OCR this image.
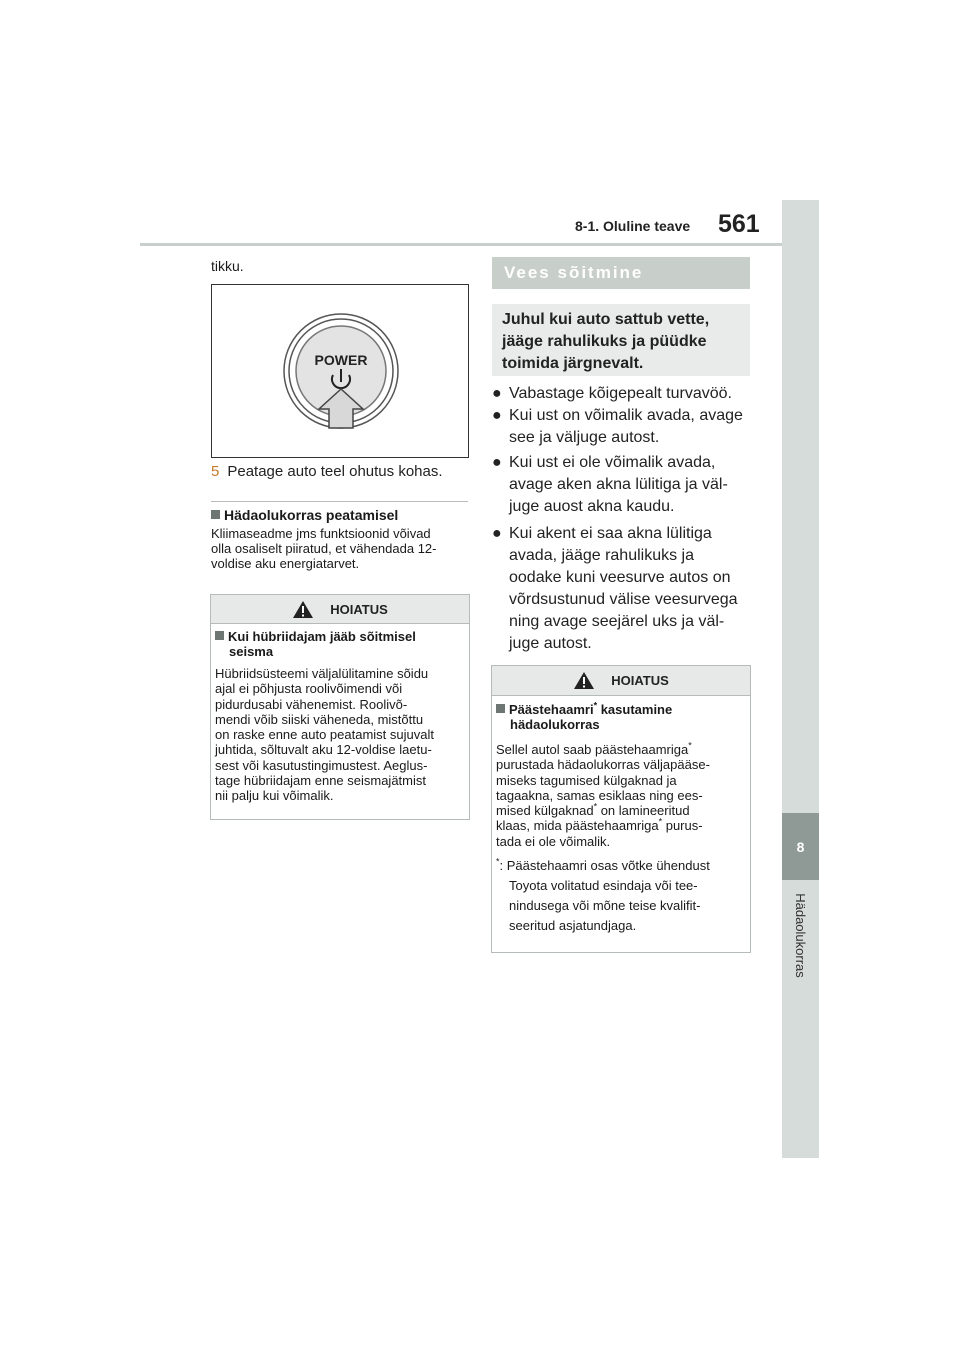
8-1. Oluline teave 561
8
Hädaolukorras
tikku.
POWER
5 Peatage auto teel ohutus kohas.
Hädaolukorras peatamisel
Kliimaseadme jms funktsioonid võivad
olla osaliselt piiratud, et vähendada 12-
voldise aku energiatarvet.
HOIATUS
Kui hübriidajam jääb sõitmisel
seisma
Hübriidsüsteemi väljalülitamine sõidu
ajal ei põhjusta roolivõimendi või
pidurdusabi vähenemist. Roolivõ-
mendi võib siiski väheneda, mistõttu
on raske enne auto peatamist sujuvalt
juhtida, sõltuvalt aku 12-voldise laetu-
sest või kasutustingimustest. Aeglus-
tage hübriidajam enne seismajätmist
nii palju kui võimalik.
Vees sõitmine
Juhul kui auto sattub vette,
jääge rahulikuks ja püüdke
toimida järgnevalt.
● Vabastage kõigepealt turvavöö.
● Kui ust on võimalik avada, avage
see ja väljuge autost.
● Kui ust ei ole võimalik avada,
avage aken akna lülitiga ja väl-
juge auost akna kaudu.
● Kui akent ei saa akna lülitiga
avada, jääge rahulikuks ja
oodake kuni veesurve autos on
võrdsustunud välise veesurvega
ning avage seejärel uks ja väl-
juge autost.
HOIATUS
Päästehaamri* kasutamine
hädaolukorras
Sellel autol saab päästehaamriga*
purustada hädaolukorras väljapääse-
miseks tagumised külgaknad ja
tagaakna, samas esiklaas ning ees-
mised külgaknad* on lamineeritud
klaas, mida päästehaamriga* purus-
tada ei ole võimalik.
*: Päästehaamri osas võtke ühendust
Toyota volitatud esindaja või tee-
nindusega või mõne teise kvalifit-
seeritud asjatundjaga.
